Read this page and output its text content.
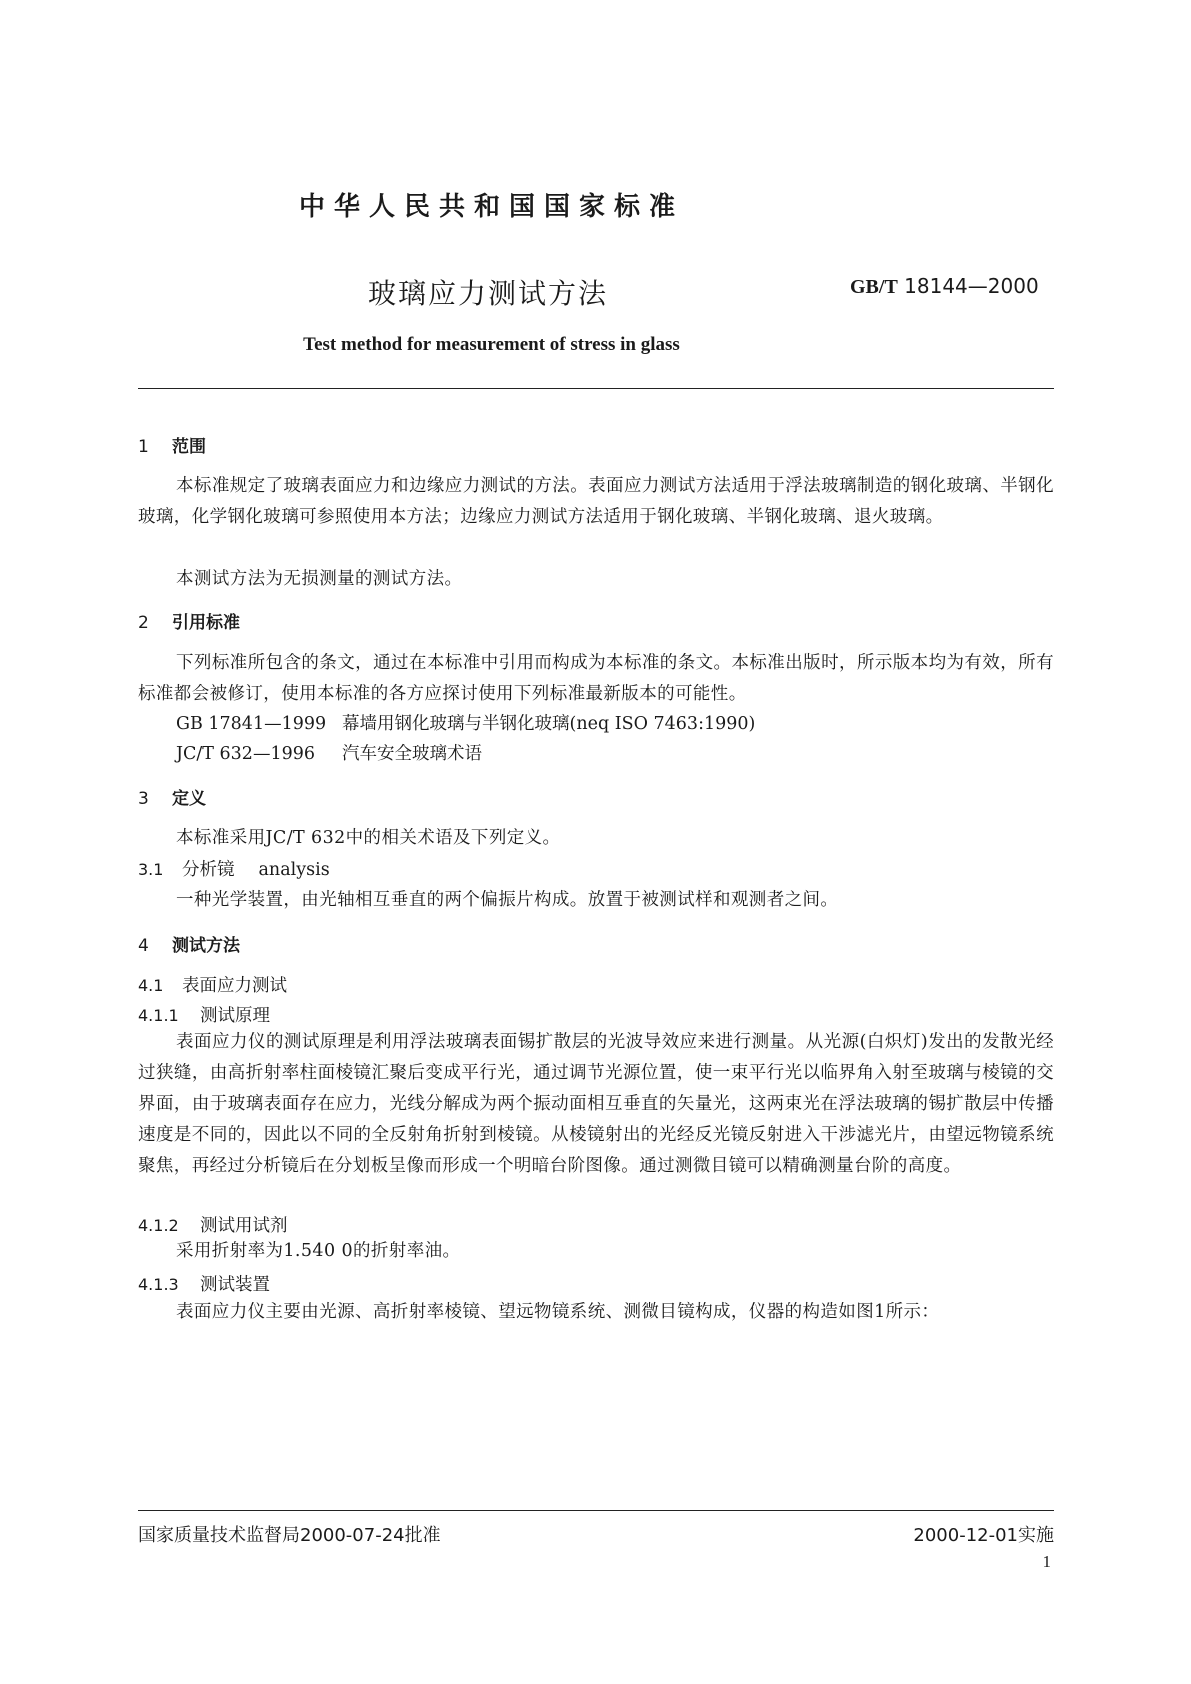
中华人民共和国国家标准
玻璃应力测试方法	GB/T 18144—2000
Test method for measurement of stress in glass
1 范围
本标准规定了玻璃表面应力和边缘应力测试的方法。表面应力测试方法适用于浮法玻璃制造的钢化玻璃、半钢化玻璃，化学钢化玻璃可参照使用本方法；边缘应力测试方法适用于钢化玻璃、半钢化玻璃、退火玻璃。
本测试方法为无损测量的测试方法。
2 引用标准
下列标准所包含的条文，通过在本标准中引用而构成为本标准的条文。本标准出版时，所示版本均为有效，所有标准都会被修订，使用本标准的各方应探讨使用下列标准最新版本的可能性。
GB 17841—1999 幕墙用钢化玻璃与半钢化玻璃(neq ISO 7463:1990)
JC/T 632—1996 汽车安全玻璃术语
3 定义
本标准采用JC/T 632中的相关术语及下列定义。
3.1 分析镜 analysis
一种光学装置，由光轴相互垂直的两个偏振片构成。放置于被测试样和观测者之间。
4 测试方法
4.1 表面应力测试
4.1.1 测试原理
表面应力仪的测试原理是利用浮法玻璃表面锡扩散层的光波导效应来进行测量。从光源(白炽灯)发出的发散光经过狭缝，由高折射率柱面棱镜汇聚后变成平行光，通过调节光源位置，使一束平行光以临界角入射至玻璃与棱镜的交界面，由于玻璃表面存在应力，光线分解成为两个振动面相互垂直的矢量光，这两束光在浮法玻璃的锡扩散层中传播速度是不同的，因此以不同的全反射角折射到棱镜。从棱镜射出的光经反光镜反射进入干涉滤光片，由望远物镜系统聚焦，再经过分析镜后在分划板呈像而形成一个明暗台阶图像。通过测微目镜可以精确测量台阶的高度。
4.1.2 测试用试剂
采用折射率为1.540 0的折射率油。
4.1.3 测试装置
表面应力仪主要由光源、高折射率棱镜、望远物镜系统、测微目镜构成，仪器的构造如图1所示：
国家质量技术监督局2000-07-24批准	2000-12-01实施
1
